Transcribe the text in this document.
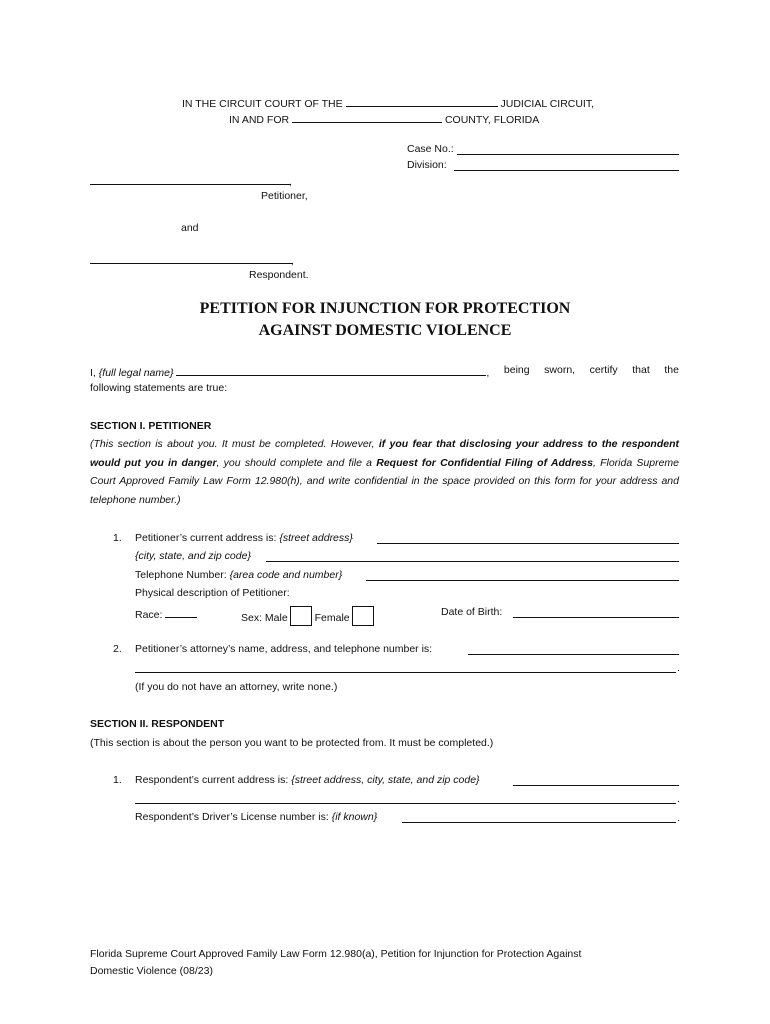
IN THE CIRCUIT COURT OF THE	JUDICIAL CIRCUIT,
IN AND FOR	COUNTY, FLORIDA
Case No.:
Division:
,
Petitioner,
and
,
Respondent.
PETITION FOR INJUNCTION FOR PROTECTION
AGAINST DOMESTIC VIOLENCE
I, {full legal name}	, being sworn, certify that the
following statements are true:
SECTION I. PETITIONER
(This section is about you. It must be completed. However, if you fear that disclosing your address to the respondent would put you in danger, you should complete and file a Request for Confidential Filing of Address, Florida Supreme Court Approved Family Law Form 12.980(h), and write confidential in the space provided on this form for your address and telephone number.)
1. Petitioner’s current address is: {street address}
{city, state, and zip code}
Telephone Number: {area code and number}
Physical description of Petitioner:
Race:	Sex: Male	Female	Date of Birth:
2. Petitioner’s attorney’s name, address, and telephone number is:
.
(If you do not have an attorney, write none.)
SECTION II. RESPONDENT
(This section is about the person you want to be protected from. It must be completed.)
1. Respondent’s current address is: {street address, city, state, and zip code}
.
Respondent’s Driver’s License number is: {if known}	.
Florida Supreme Court Approved Family Law Form 12.980(a), Petition for Injunction for Protection Against
Domestic Violence (08/23)
